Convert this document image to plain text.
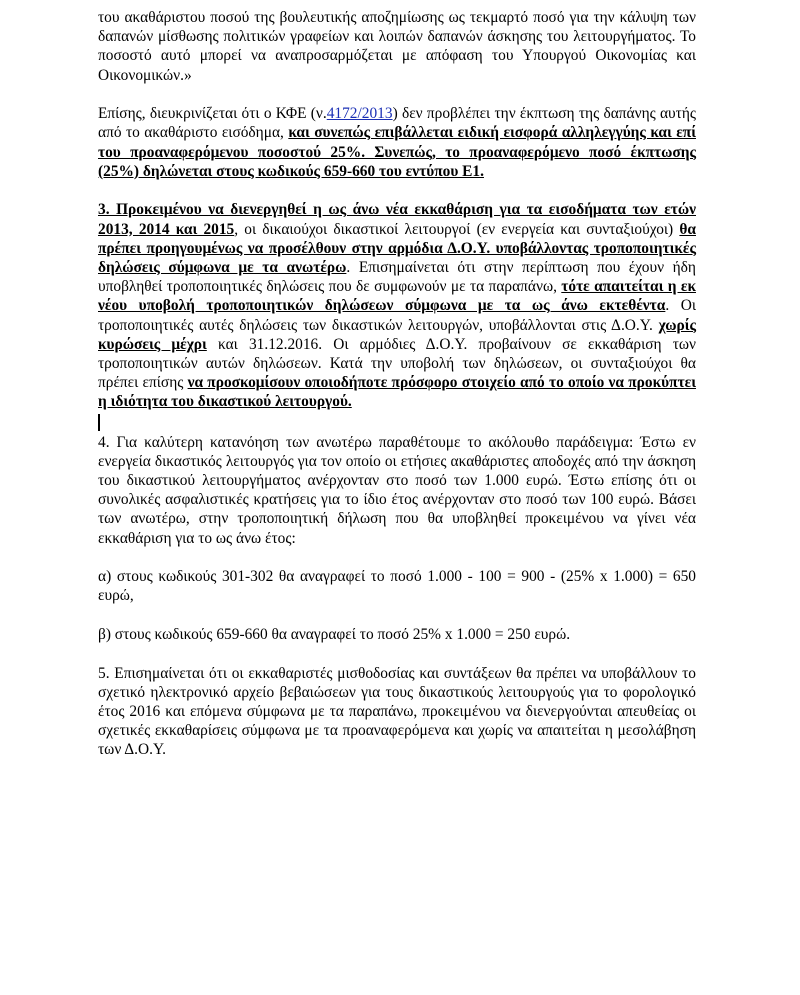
του ακαθάριστου ποσού της βουλευτικής αποζημίωσης ως τεκμαρτό ποσό για την κάλυψη των δαπανών μίσθωσης πολιτικών γραφείων και λοιπών δαπανών άσκησης του λειτουργήματος. Το ποσοστό αυτό μπορεί να αναπροσαρμόζεται με απόφαση του Υπουργού Οικονομίας και Οικονομικών.»

Επίσης, διευκρινίζεται ότι ο ΚΦΕ (ν.4172/2013) δεν προβλέπει την έκπτωση της δαπάνης αυτής από το ακαθάριστο εισόδημα, και συνεπώς επιβάλλεται ειδική εισφορά αλληλεγγύης και επί του προαναφερόμενου ποσοστού 25%. Συνεπώς, το προαναφερόμενο ποσό έκπτωσης (25%) δηλώνεται στους κωδικούς 659-660 του εντύπου Ε1.

3. Προκειμένου να διενεργηθεί η ως άνω νέα εκκαθάριση για τα εισοδήματα των ετών 2013, 2014 και 2015, οι δικαιούχοι δικαστικοί λειτουργοί (εν ενεργεία και συνταξιούχοι) θα πρέπει προηγουμένως να προσέλθουν στην αρμόδια Δ.Ο.Υ. υποβάλλοντας τροποποιητικές δηλώσεις σύμφωνα με τα ανωτέρω. Επισημαίνεται ότι στην περίπτωση που έχουν ήδη υποβληθεί τροποποιητικές δηλώσεις που δε συμφωνούν με τα παραπάνω, τότε απαιτείται η εκ νέου υποβολή τροποποιητικών δηλώσεων σύμφωνα με τα ως άνω εκτεθέντα. Οι τροποποιητικές αυτές δηλώσεις των δικαστικών λειτουργών, υποβάλλονται στις Δ.Ο.Υ. χωρίς κυρώσεις μέχρι και 31.12.2016. Οι αρμόδιες Δ.Ο.Υ. προβαίνουν σε εκκαθάριση των τροποποιητικών αυτών δηλώσεων. Κατά την υποβολή των δηλώσεων, οι συνταξιούχοι θα πρέπει επίσης να προσκομίσουν οποιοδήποτε πρόσφορο στοιχείο από το οποίο να προκύπτει η ιδιότητα του δικαστικού λειτουργού.

4. Για καλύτερη κατανόηση των ανωτέρω παραθέτουμε το ακόλουθο παράδειγμα: Έστω εν ενεργεία δικαστικός λειτουργός για τον οποίο οι ετήσιες ακαθάριστες αποδοχές από την άσκηση του δικαστικού λειτουργήματος ανέρχονταν στο ποσό των 1.000 ευρώ. Έστω επίσης ότι οι συνολικές ασφαλιστικές κρατήσεις για το ίδιο έτος ανέρχονταν στο ποσό των 100 ευρώ. Βάσει των ανωτέρω, στην τροποποιητική δήλωση που θα υποβληθεί προκειμένου να γίνει νέα εκκαθάριση για το ως άνω έτος:

α) στους κωδικούς 301-302 θα αναγραφεί το ποσό 1.000 - 100 = 900 - (25% x 1.000) = 650 ευρώ,

β) στους κωδικούς 659-660 θα αναγραφεί το ποσό 25% x 1.000 = 250 ευρώ.

5. Επισημαίνεται ότι οι εκκαθαριστές μισθοδοσίας και συντάξεων θα πρέπει να υποβάλλουν το σχετικό ηλεκτρονικό αρχείο βεβαιώσεων για τους δικαστικούς λειτουργούς για το φορολογικό έτος 2016 και επόμενα σύμφωνα με τα παραπάνω, προκειμένου να διενεργούνται απευθείας οι σχετικές εκκαθαρίσεις σύμφωνα με τα προαναφερόμενα και χωρίς να απαιτείται η μεσολάβηση των Δ.Ο.Υ.
